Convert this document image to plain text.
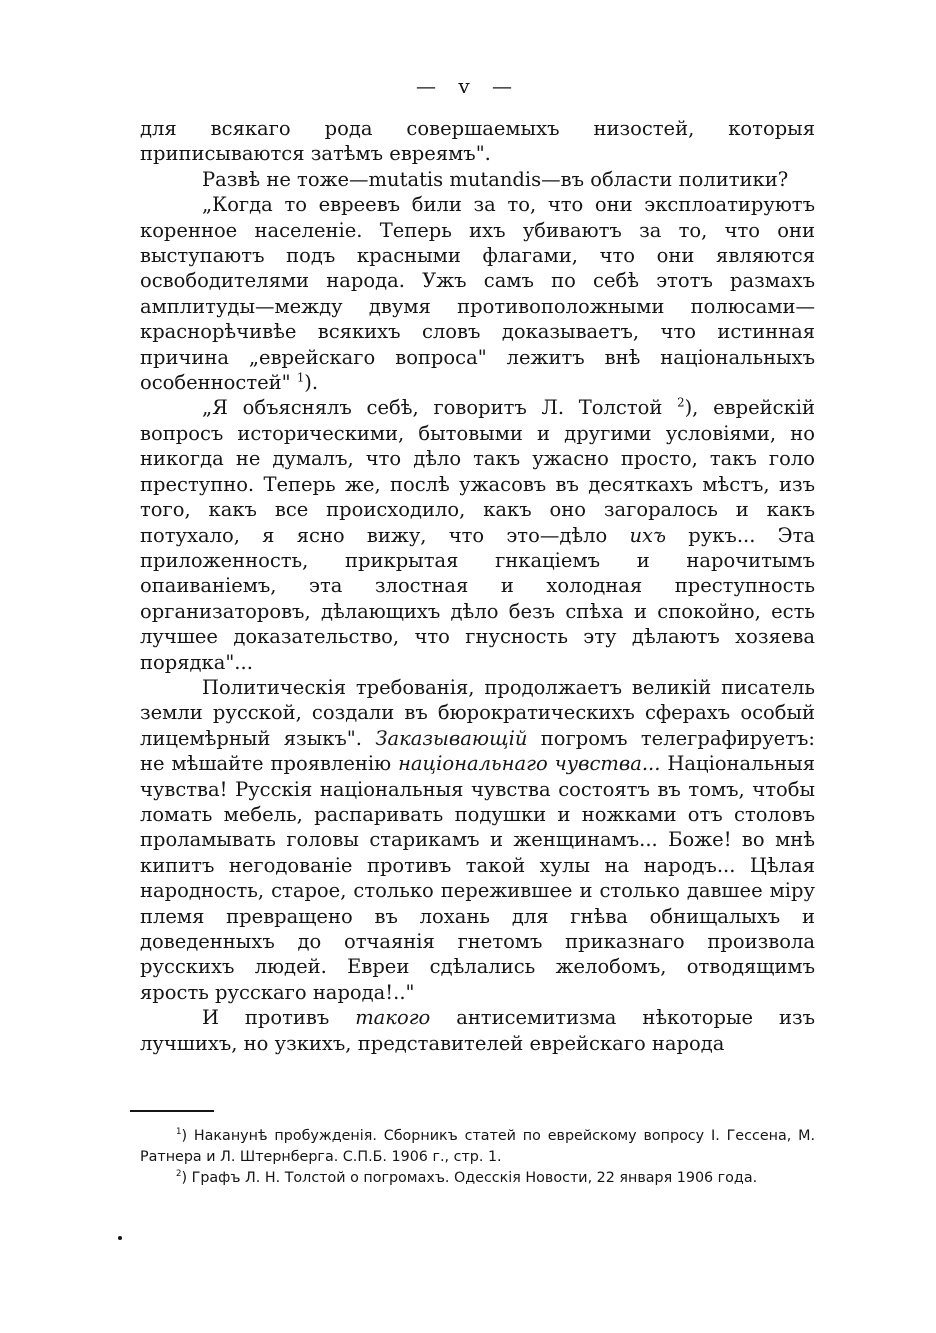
— v —

для всякаго рода совершаемыхъ низостей, которыя приписываются затѣмъ евреямъ".

Развѣ не тоже—mutatis mutandis—въ области политики?

„Когда то евреевъ били за то, что они эксплоатируютъ коренное населеніе. Теперь ихъ убиваютъ за то, что они выступаютъ подъ красными флагами, что они являются освободителями народа. Ужъ самъ по себѣ этотъ размахъ амплитуды—между двумя противоположными полюсами—краснорѣчивѣе всякихъ словъ доказываетъ, что истинная причина „еврейскаго вопроса" лежитъ внѣ національныхъ особенностей" $^1$).

„Я объяснялъ себѣ, говоритъ Л. Толстой $^2$), еврейскій вопросъ историческими, бытовыми и другими условіями, но никогда не думалъ, что дѣло такъ ужасно просто, такъ голо преступно. Теперь же, послѣ ужасовъ въ десяткахъ мѣстъ, изъ того, какъ все происходило, какъ оно загоралось и какъ потухало, я ясно вижу, что это—дѣло ихъ рукъ... Эта приложенность, прикрытая гнкаціемъ и нарочитымъ опаиваніемъ, эта злостная и холодная преступность организаторовъ, дѣлающихъ дѣло безъ спѣха и спокойно, есть лучшее доказательство, что гнусность эту дѣлаютъ хозяева порядка"...

Политическія требованія, продолжаетъ великій писатель земли русской, создали въ бюрократическихъ сферахъ особый лицемѣрный языкъ". Заказывающій погромъ телеграфируетъ: не мѣшайте проявленію національнаго чувства... Національныя чувства! Русскія національныя чувства состоятъ въ томъ, чтобы ломать мебель, распаривать подушки и ножками отъ столовъ проламывать головы старикамъ и женщинамъ... Боже! во мнѣ кипитъ негодованіе противъ такой хулы на народъ... Цѣлая народность, старое, столько пережившее и столько давшее міру племя превращено въ лохань для гнѣва обнищалыхъ и доведенныхъ до отчаянія гнетомъ приказнаго произвола русскихъ людей. Евреи сдѣлались желобомъ, отводящимъ ярость русскаго народа!.."

И противъ такого антисемитизма нѣкоторые изъ лучшихъ, но узкихъ, представителей еврейскаго народа

$^1$) Наканунѣ пробужденія. Сборникъ статей по еврейскому вопросу І. Гессена, М. Ратнера и Л. Штернберга. С.П.Б. 1906 г., стр. 1.

$^2$) Графъ Л. Н. Толстой о погромахъ. Одесскія Новости, 22 января 1906 года.
